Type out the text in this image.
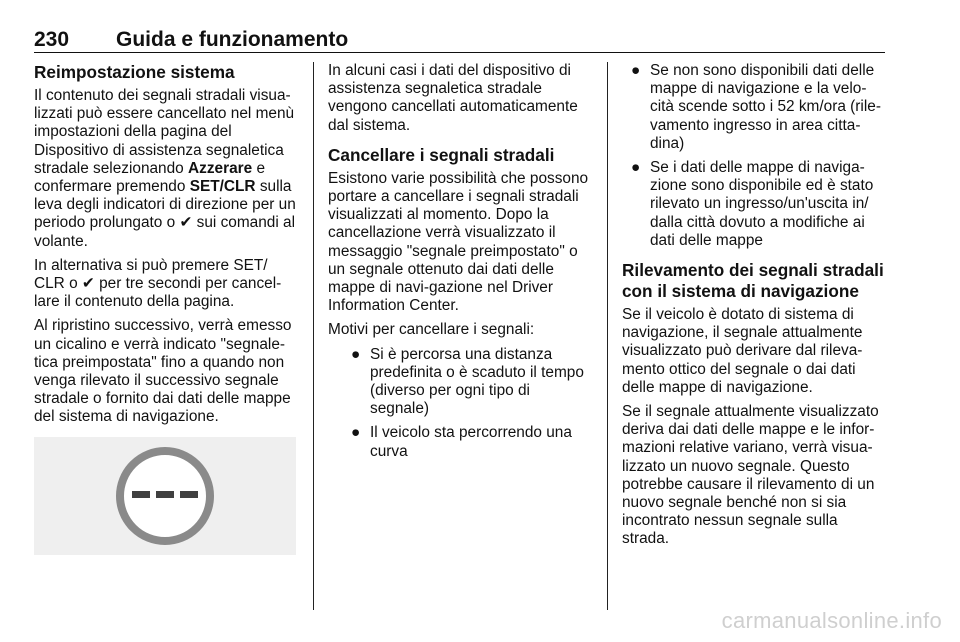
230 Guida e funzionamento
Reimpostazione sistema

Il contenuto dei segnali stradali visua-lizzati può essere cancellato nel menù impostazioni della pagina del Dispositivo di assistenza segnaletica stradale selezionando Azzerare e confermare premendo SET/CLR sulla leva degli indicatori di direzione per un periodo prolungato o ✔ sui comandi al volante.

In alternativa si può premere SET/ CLR o ✔ per tre secondi per cancel-lare il contenuto della pagina.

Al ripristino successivo, verrà emesso un cicalino e verrà indicato "segnale-tica preimpostata" fino a quando non venga rilevato il successivo segnale stradale o fornito dai dati delle mappe del sistema di navigazione.

In alcuni casi i dati del dispositivo di assistenza segnaletica stradale vengono cancellati automaticamente dal sistema.

Cancellare i segnali stradali

Esistono varie possibilità che possono portare a cancellare i segnali stradali visualizzati al momento. Dopo la cancellazione verrà visualizzato il messaggio "segnale preimpostato" o un segnale ottenuto dai dati delle mappe di navi-gazione nel Driver Information Center.

Motivi per cancellare i segnali:

● Si è percorsa una distanza predefinita o è scaduto il tempo (diverso per ogni tipo di segnale)
● Il veicolo sta percorrendo una curva
● Se non sono disponibili dati delle mappe di navigazione e la velo-cità scende sotto i 52 km/ora (rile-vamento ingresso in area citta-dina)
● Se i dati delle mappe di naviga-zione sono disponibile ed è stato rilevato un ingresso/un'uscita in/ dalla città dovuto a modifiche ai dati delle mappe
Rilevamento dei segnali stradali con il sistema di navigazione

Se il veicolo è dotato di sistema di navigazione, il segnale attualmente visualizzato può derivare dal rileva-mento ottico del segnale o dai dati delle mappe di navigazione.

Se il segnale attualmente visualizzato deriva dai dati delle mappe e le infor-mazioni relative variano, verrà visua-lizzato un nuovo segnale. Questo potrebbe causare il rilevamento di un nuovo segnale benché non si sia incontrato nessun segnale sulla strada.

carmanualsonline.info
